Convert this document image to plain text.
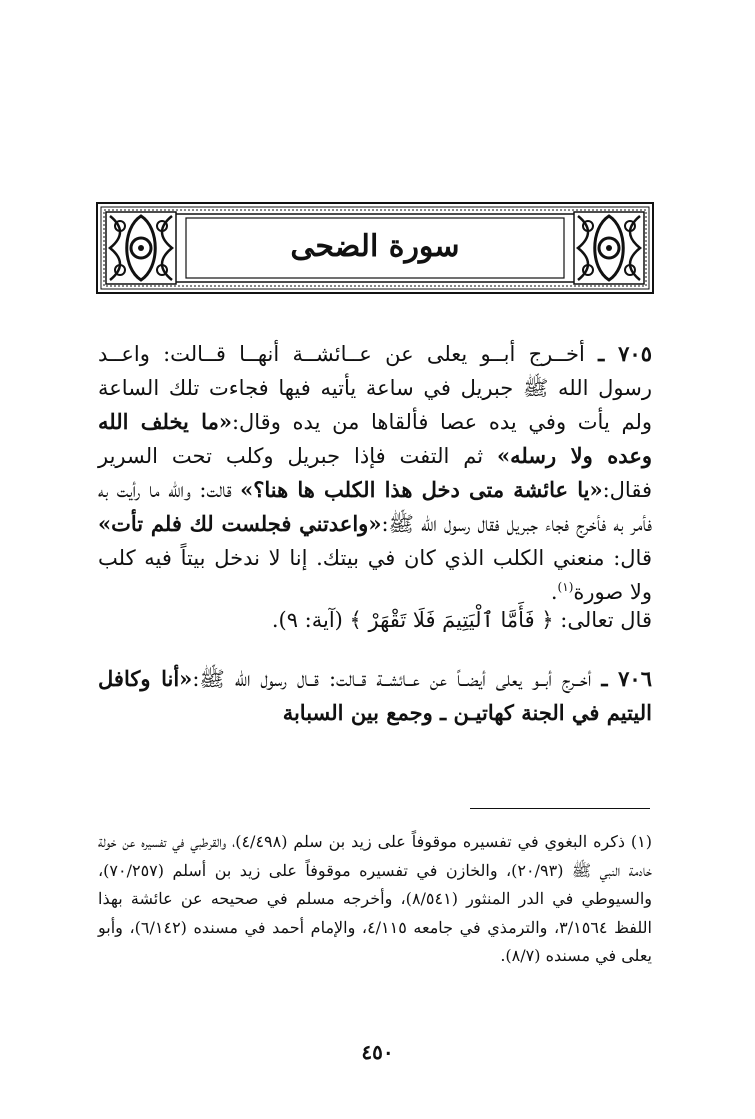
سورة الضحى

٧٠٥ ـ أخــرج أبــو يعلى عن عــائشــة أنهــا قــالت: واعــد رسول الله ﷺ جبريل في ساعة يأتيه فيها فجاءت تلك الساعة ولم يأت وفي يده عصا فألقاها من يده وقال:«ما يخلف الله وعده ولا رسله» ثم التفت فإذا جبريل وكلب تحت السرير فقال:«يا عائشة متى دخل هذا الكلب ها هنا؟» قالت: والله ما رأيت به فأمر به فأخرج فجاء جبريل فقال رسول الله ﷺ:«واعدتني فجلست لك فلم تأت» قال: منعني الكلب الذي كان في بيتك. إنا لا ندخل بيتاً فيه كلب ولا صورة$^{(١)}$.

قال تعالى: ﴿ فَأَمَّا ٱلْيَتِيمَ فَلَا تَقْهَرْ ﴾ (آية: ٩).

٧٠٦ ـ أخــرج أبــو يعلى أيضــاً عن عــائشــة قــالت: قــال رسول الله ﷺ:«أنا وكافل اليتيم في الجنة كهاتيـن ـ وجمع بين السبابة

(١) ذكره البغوي في تفسيره موقوفاً على زيد بن سلم (٤/٤٩٨)، والقرطبي في تفسيره عن خولة خادمة النبي ﷺ (٢٠/٩٣)، والخازن في تفسيره موقوفاً على زيد بن أسلم (٧٠/٢٥٧)، والسيوطي في الدر المنثور (٨/٥٤١)، وأخرجه مسلم في صحيحه عن عائشة بهذا اللفظ ٣/١٥٦٤، والترمذي في جامعه ٤/١١٥، والإمام أحمد في مسنده (٦/١٤٢)، وأبو يعلى في مسنده (٨/٧).
٤٥٠
